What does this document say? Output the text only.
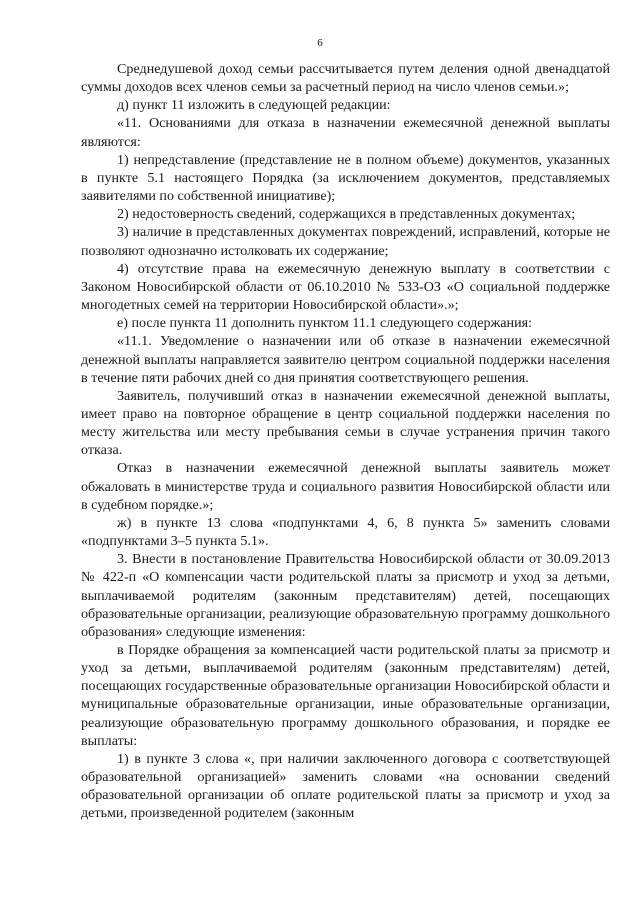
6

Среднедушевой доход семьи рассчитывается путем деления одной двенадцатой суммы доходов всех членов семьи за расчетный период на число членов семьи.»;

д) пункт 11 изложить в следующей редакции:

«11. Основаниями для отказа в назначении ежемесячной денежной выплаты являются:

1) непредставление (представление не в полном объеме) документов, указанных в пункте 5.1 настоящего Порядка (за исключением документов, представляемых заявителями по собственной инициативе);

2) недостоверность сведений, содержащихся в представленных документах;

3) наличие в представленных документах повреждений, исправлений, которые не позволяют однозначно истолковать их содержание;

4) отсутствие права на ежемесячную денежную выплату в соответствии с Законом Новосибирской области от 06.10.2010 № 533-ОЗ «О социальной поддержке многодетных семей на территории Новосибирской области».»;

е) после пункта 11 дополнить пунктом 11.1 следующего содержания:

«11.1. Уведомление о назначении или об отказе в назначении ежемесячной денежной выплаты направляется заявителю центром социальной поддержки населения в течение пяти рабочих дней со дня принятия соответствующего решения.

Заявитель, получивший отказ в назначении ежемесячной денежной выплаты, имеет право на повторное обращение в центр социальной поддержки населения по месту жительства или месту пребывания семьи в случае устранения причин такого отказа.

Отказ в назначении ежемесячной денежной выплаты заявитель может обжаловать в министерстве труда и социального развития Новосибирской области или в судебном порядке.»;

ж) в пункте 13 слова «подпунктами 4, 6, 8 пункта 5» заменить словами «подпунктами 3–5 пункта 5.1».

3. Внести в постановление Правительства Новосибирской области от 30.09.2013 № 422-п «О компенсации части родительской платы за присмотр и уход за детьми, выплачиваемой родителям (законным представителям) детей, посещающих образовательные организации, реализующие образовательную программу дошкольного образования» следующие изменения:

в Порядке обращения за компенсацией части родительской платы за присмотр и уход за детьми, выплачиваемой родителям (законным представителям) детей, посещающих государственные образовательные организации Новосибирской области и муниципальные образовательные организации, иные образовательные организации, реализующие образовательную программу дошкольного образования, и порядке ее выплаты:

1) в пункте 3 слова «, при наличии заключенного договора с соответствующей образовательной организацией» заменить словами «на основании сведений образовательной организации об оплате родительской платы за присмотр и уход за детьми, произведенной родителем (законным
